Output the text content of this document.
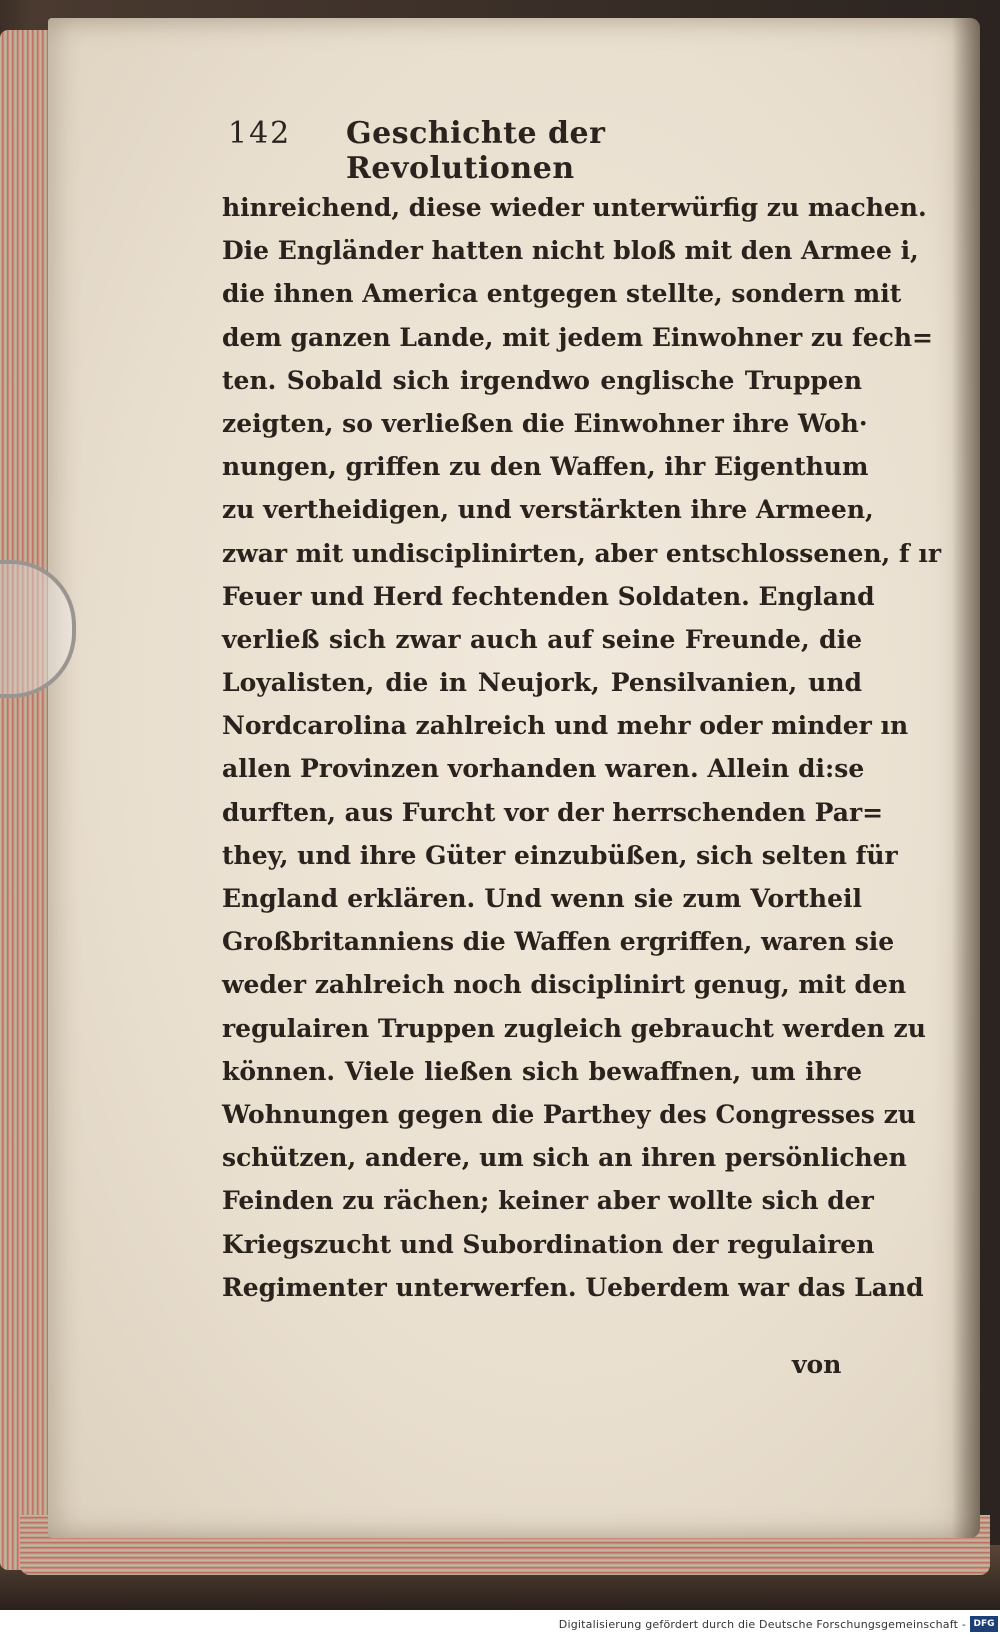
142 Geschichte der Revolutionen
hinreichend, diese wieder unterwürfig zu machen.
Die Engländer hatten nicht bloß mit den Armee i,
die ihnen America entgegen stellte, sondern mit
dem ganzen Lande, mit jedem Einwohner zu fech=
ten. Sobald sich irgendwo englische Truppen
zeigten, so verließen die Einwohner ihre Woh·
nungen, griffen zu den Waffen, ihr Eigenthum
zu vertheidigen, und verstärkten ihre Armeen,
zwar mit undisciplinirten, aber entschlossenen, f ır
Feuer und Herd fechtenden Soldaten. England
verließ sich zwar auch auf seine Freunde, die
Loyalisten, die in Neujork, Pensilvanien, und
Nordcarolina zahlreich und mehr oder minder ın
allen Provinzen vorhanden waren. Allein di:se
durften, aus Furcht vor der herrschenden Par=
they, und ihre Güter einzubüßen, sich selten für
England erklären. Und wenn sie zum Vortheil
Großbritanniens die Waffen ergriffen, waren sie
weder zahlreich noch disciplinirt genug, mit den
regulairen Truppen zugleich gebraucht werden zu
können. Viele ließen sich bewaffnen, um ihre
Wohnungen gegen die Parthey des Congresses zu
schützen, andere, um sich an ihren persönlichen
Feinden zu rächen; keiner aber wollte sich der
Kriegszucht und Subordination der regulairen
Regimenter unterwerfen. Ueberdem war das Land
von
Digitalisierung gefördert durch die Deutsche Forschungsgemeinschaft - DFG
